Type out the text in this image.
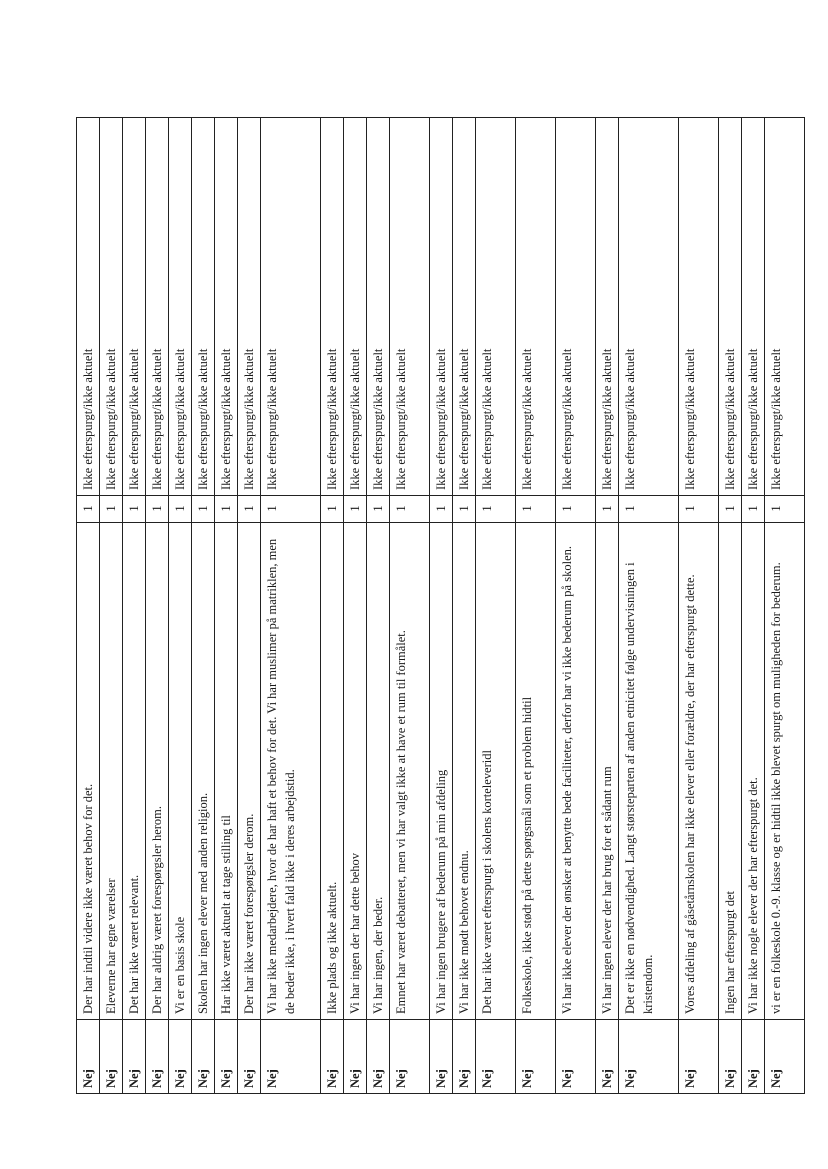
Nej	Der har indtil videre ikke været behov for det.	1	Ikke efterspurgt/ikke aktuelt
Nej	Eleverne har egne værelser	1	Ikke efterspurgt/ikke aktuelt
Nej	Det har ikke været relevant.	1	Ikke efterspurgt/ikke aktuelt
Nej	Der har aldrig været forespørgsler herom.	1	Ikke efterspurgt/ikke aktuelt
Nej	Vi er en basis skole	1	Ikke efterspurgt/ikke aktuelt
Nej	Skolen har ingen elever med anden religion.	1	Ikke efterspurgt/ikke aktuelt
Nej	Har ikke været aktuelt at tage stilling til	1	Ikke efterspurgt/ikke aktuelt
Nej	Der har ikke været forespørgsler derom.	1	Ikke efterspurgt/ikke aktuelt
Nej	Vi har ikke medarbejdere, hvor de har haft et behov for det. Vi har muslimer på matriklen, men de beder ikke, i hvert fald ikke i deres arbejdstid.	1	Ikke efterspurgt/ikke aktuelt
Nej	Ikke plads og ikke aktuelt.	1	Ikke efterspurgt/ikke aktuelt
Nej	Vi har ingen der har dette behov	1	Ikke efterspurgt/ikke aktuelt
Nej	Vi har ingen, der beder.	1	Ikke efterspurgt/ikke aktuelt
Nej	Emnet har været debatteret, men vi har valgt ikke at have et rum til formålet.	1	Ikke efterspurgt/ikke aktuelt
Nej	Vi har ingen brugere af bederum på min afdeling	1	Ikke efterspurgt/ikke aktuelt
Nej	Vi har ikke mødt behovet endnu.	1	Ikke efterspurgt/ikke aktuelt
Nej	Det har ikke været efterspurgt i skolens korteleveridl	1	Ikke efterspurgt/ikke aktuelt
Nej	Folkeskole, ikke stødt på dette spørgsmål som et problem hidtil	1	Ikke efterspurgt/ikke aktuelt
Nej	Vi har ikke elever der ønsker at benytte bede faciliteter, derfor har vi ikke bederum på skolen.	1	Ikke efterspurgt/ikke aktuelt
Nej	Vi har ingen elever der har brug for et sådant rum	1	Ikke efterspurgt/ikke aktuelt
Nej	Det er ikke en nødvendighed. Langt størsteparten af anden etnicitet følge undervisningen i kristendom.	1	Ikke efterspurgt/ikke aktuelt
Nej	Vores afdeling af gåsetårnskolen har ikke elever eller forældre, der har efterspurgt dette.	1	Ikke efterspurgt/ikke aktuelt
Nej	Ingen har efterspurgt det	1	Ikke efterspurgt/ikke aktuelt
Nej	Vi har ikke nogle elever der har efterspurgt det.	1	Ikke efterspurgt/ikke aktuelt
Nej	vi er en folkeskole 0.-9. klasse og er hidtil ikke blevet spurgt om muligheden for bederum.	1	Ikke efterspurgt/ikke aktuelt
